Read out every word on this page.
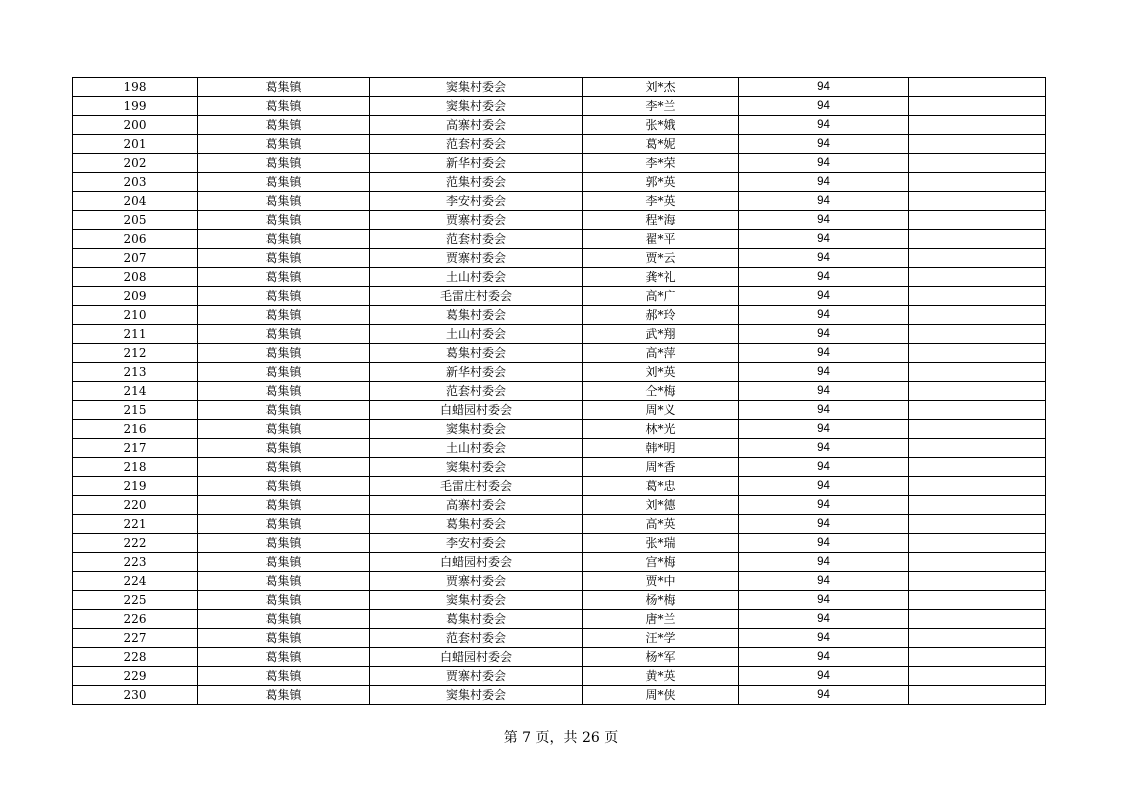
198	葛集镇	窦集村委会	刘*杰	94	
199	葛集镇	窦集村委会	李*兰	94	
200	葛集镇	高寨村委会	张*娥	94	
201	葛集镇	范套村委会	葛*妮	94	
202	葛集镇	新华村委会	李*荣	94	
203	葛集镇	范集村委会	郭*英	94	
204	葛集镇	李安村委会	李*英	94	
205	葛集镇	贾寨村委会	程*海	94	
206	葛集镇	范套村委会	翟*平	94	
207	葛集镇	贾寨村委会	贾*云	94	
208	葛集镇	土山村委会	龚*礼	94	
209	葛集镇	毛雷庄村委会	高*广	94	
210	葛集镇	葛集村委会	郝*玲	94	
211	葛集镇	土山村委会	武*翔	94	
212	葛集镇	葛集村委会	高*萍	94	
213	葛集镇	新华村委会	刘*英	94	
214	葛集镇	范套村委会	仝*梅	94	
215	葛集镇	白蜡园村委会	周*义	94	
216	葛集镇	窦集村委会	林*光	94	
217	葛集镇	土山村委会	韩*明	94	
218	葛集镇	窦集村委会	周*香	94	
219	葛集镇	毛雷庄村委会	葛*忠	94	
220	葛集镇	高寨村委会	刘*德	94	
221	葛集镇	葛集村委会	高*英	94	
222	葛集镇	李安村委会	张*瑞	94	
223	葛集镇	白蜡园村委会	宫*梅	94	
224	葛集镇	贾寨村委会	贾*中	94	
225	葛集镇	窦集村委会	杨*梅	94	
226	葛集镇	葛集村委会	唐*兰	94	
227	葛集镇	范套村委会	汪*学	94	
228	葛集镇	白蜡园村委会	杨*军	94	
229	葛集镇	贾寨村委会	黄*英	94	
230	葛集镇	窦集村委会	周*侠	94	
第 7 页，共 26 页
